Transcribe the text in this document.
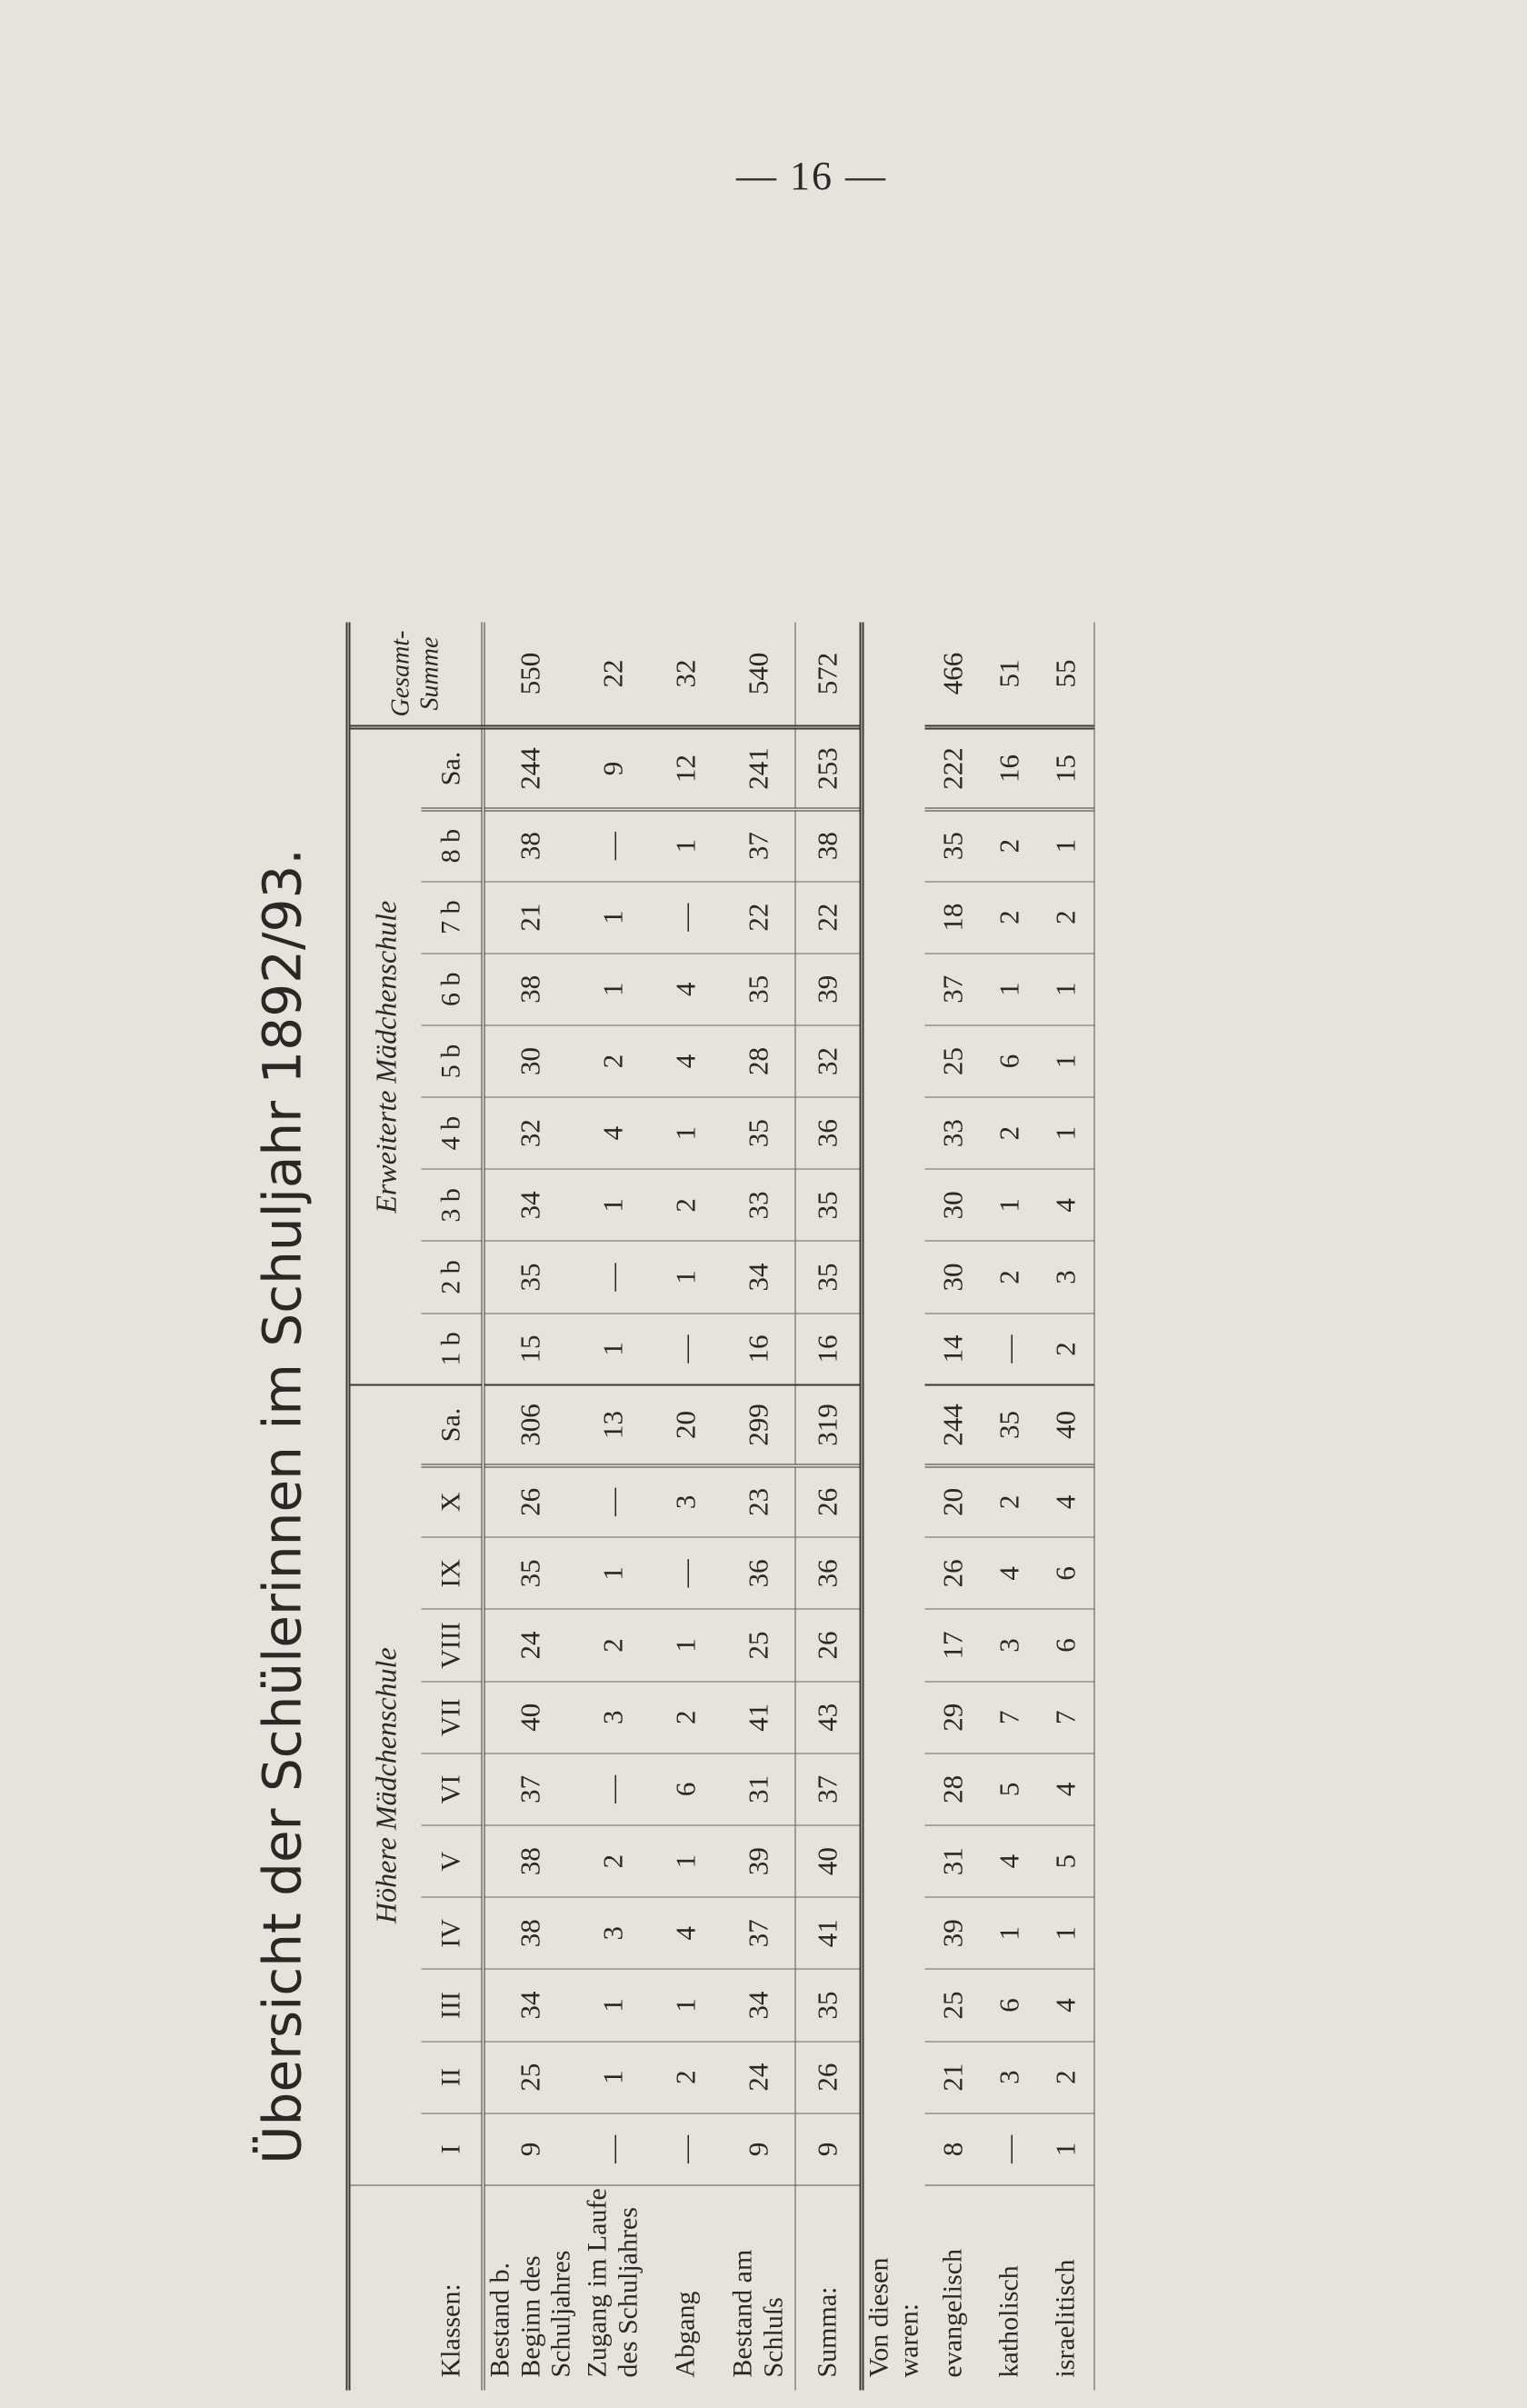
— 16 —
Übersicht der Schülerinnen im Schuljahr 1892/93.
		Höhere Mädchenschule											Erweiterte Mädchenschule									Gesamt-Summe
Klassen:	I	II	III	IV	V	VI	VII	VIII	IX	X	Sa.	1 b	2 b	3 b	4 b	5 b	6 b	7 b	8 b	Sa.	
Bestand b. Beginn des Schuljahres	9	25	34	38	38	37	40	24	35	26	306	15	35	34	32	30	38	21	38	244	550
Zugang im Laufe des Schuljahres	—	1	1	3	2	—	3	2	1	—	13	1	—	1	4	2	1	1	—	9	22
Abgang	—	2	1	4	1	6	2	1	—	3	20	—	1	2	1	4	4	—	1	12	32
Bestand am Schluſs	9	24	34	37	39	31	41	25	36	23	299	16	34	33	35	28	35	22	37	241	540
Summa:	9	26	35	41	40	37	43	26	36	26	319	16	35	35	36	32	39	22	38	253	572
Von diesen waren:																					
evangelisch	8	21	25	39	31	28	29	17	26	20	244	14	30	30	33	25	37	18	35	222	466
katholisch	—	3	6	1	4	5	7	3	4	2	35	—	2	1	2	6	1	2	2	16	51
israelitisch	1	2	4	1	5	4	7	6	6	4	40	2	3	4	1	1	1	2	1	15	55
